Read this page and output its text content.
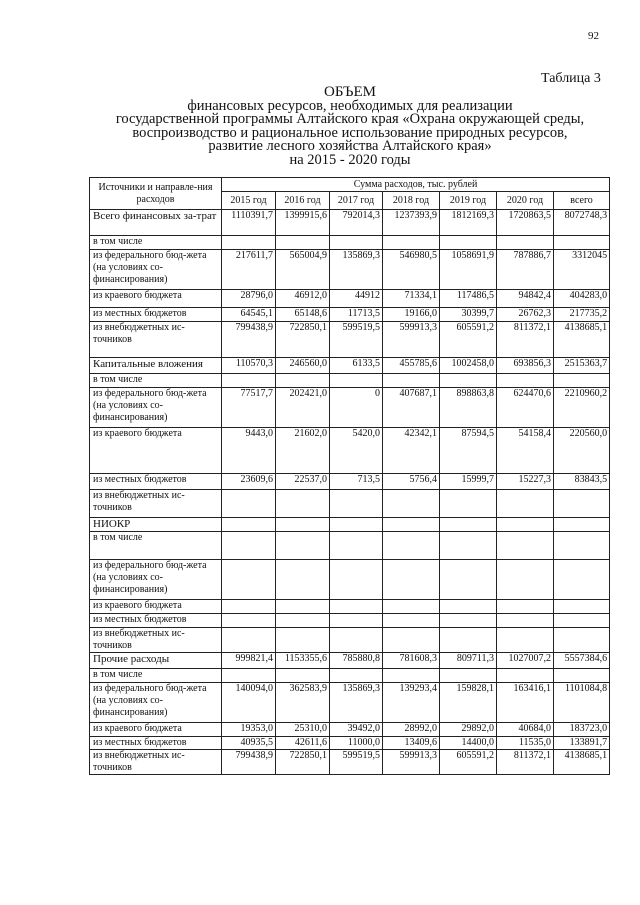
92
Таблица 3
ОБЪЕМ
финансовых ресурсов, необходимых для реализации
государственной программы Алтайского края «Охрана окружающей среды,
воспроизводство и рациональное использование природных ресурсов,
развитие лесного хозяйства Алтайского края»
на 2015 - 2020 годы
Источники и направле-ния расходов	Сумма расходов, тыс. рублей						
	2015 год	2016 год	2017 год	2018 год	2019 год	2020 год	всего
Всего финансовых за-трат	1110391,7	1399915,6	792014,3	1237393,9	1812169,3	1720863,5	8072748,3
в том числе							
из федерального бюд-жета (на условиях со-финансирования)	217611,7	565004,9	135869,3	546980,5	1058691,9	787886,7	3312045
из краевого бюджета	28796,0	46912,0	44912	71334,1	117486,5	94842,4	404283,0
из местных бюджетов	64545,1	65148,6	11713,5	19166,0	30399,7	26762,3	217735,2
из внебюджетных ис-точников	799438,9	722850,1	599519,5	599913,3	605591,2	811372,1	4138685,1
Капитальные вложения	110570,3	246560,0	6133,5	455785,6	1002458,0	693856,3	2515363,7
в том числе							
из федерального бюд-жета (на условиях со-финансирования)	77517,7	202421,0	0	407687,1	898863,8	624470,6	2210960,2
из краевого бюджета	9443,0	21602,0	5420,0	42342,1	87594,5	54158,4	220560,0
из местных бюджетов	23609,6	22537,0	713,5	5756,4	15999,7	15227,3	83843,5
из внебюджетных ис-точников							
НИОКР							
в том числе							
из федерального бюд-жета (на условиях со-финансирования)							
из краевого бюджета							
из местных бюджетов							
из внебюджетных ис-точников							
Прочие расходы	999821,4	1153355,6	785880,8	781608,3	809711,3	1027007,2	5557384,6
в том числе							
из федерального бюд-жета (на условиях со-финансирования)	140094,0	362583,9	135869,3	139293,4	159828,1	163416,1	1101084,8
из краевого бюджета	19353,0	25310,0	39492,0	28992,0	29892,0	40684,0	183723,0
из местных бюджетов	40935,5	42611,6	11000,0	13409,6	14400,0	11535,0	133891,7
из внебюджетных ис-точников	799438,9	722850,1	599519,5	599913,3	605591,2	811372,1	4138685,1
